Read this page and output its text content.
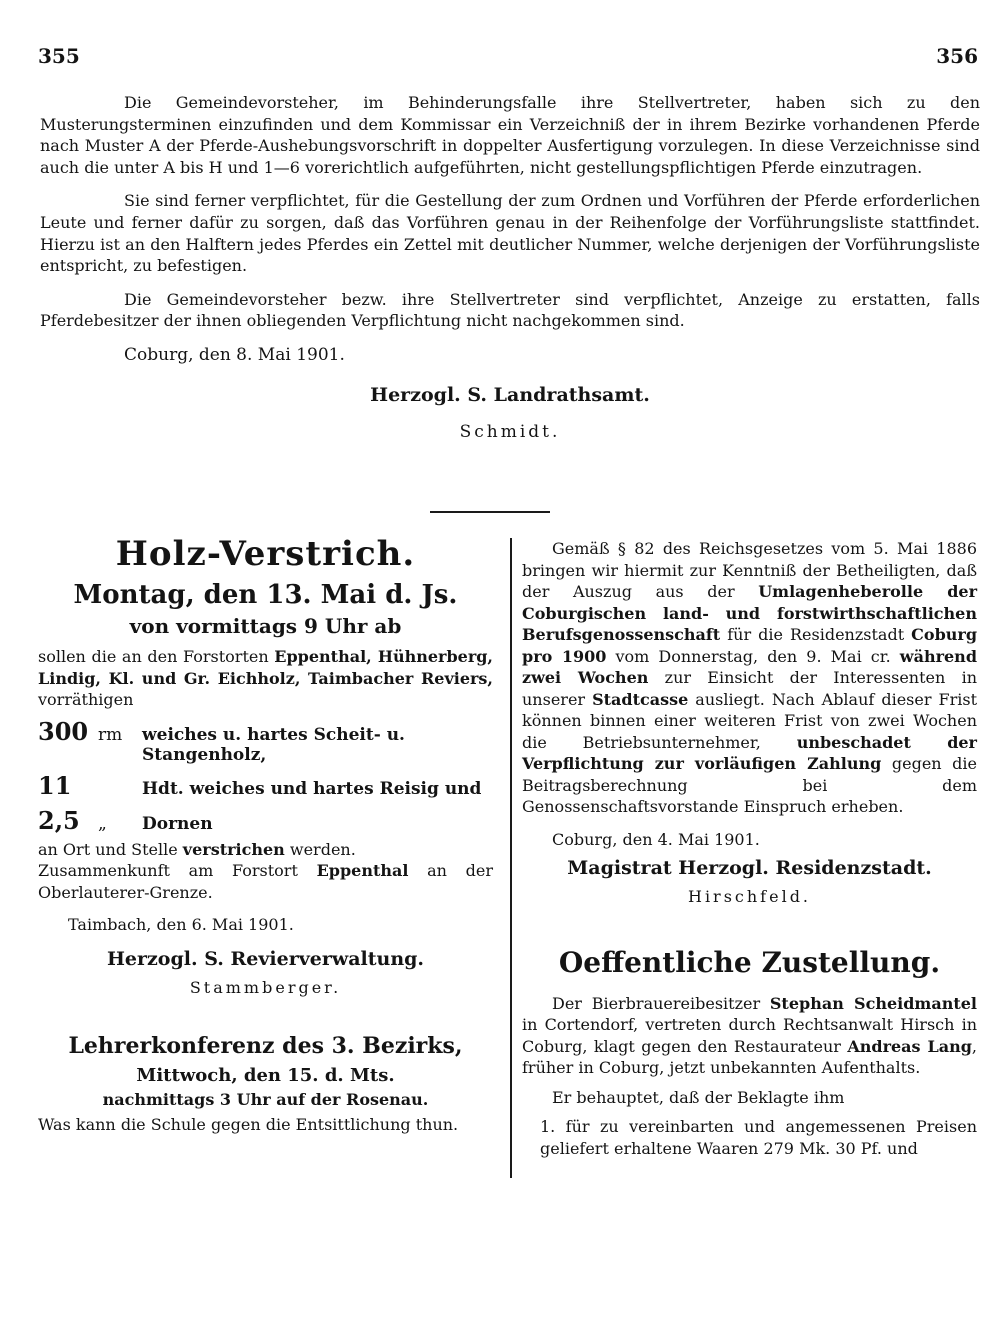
355	356

Die Gemeindevorsteher, im Behinderungsfalle ihre Stellvertreter, haben sich zu den Musterungsterminen einzufinden und dem Kommissar ein Verzeichniß der in ihrem Bezirke vorhandenen Pferde nach Muster A der Pferde-Aushebungsvorschrift in doppelter Ausfertigung vorzulegen. In diese Verzeichnisse sind auch die unter A bis H und 1—6 vorerichtlich aufgeführten, nicht gestellungspflichtigen Pferde einzutragen.

Sie sind ferner verpflichtet, für die Gestellung der zum Ordnen und Vorführen der Pferde erforderlichen Leute und ferner dafür zu sorgen, daß das Vorführen genau in der Reihenfolge der Vorführungsliste stattfindet. Hierzu ist an den Halftern jedes Pferdes ein Zettel mit deutlicher Nummer, welche derjenigen der Vorführungsliste entspricht, zu befestigen.

Die Gemeindevorsteher bezw. ihre Stellvertreter sind verpflichtet, Anzeige zu erstatten, falls Pferdebesitzer der ihnen obliegenden Verpflichtung nicht nachgekommen sind.

Coburg, den 8. Mai 1901.

Herzogl. S. Landrathsamt.

Schmidt.

Holz-Verstrich.
Montag, den 13. Mai d. Js.
von vormittags 9 Uhr ab

sollen die an den Forstorten Eppenthal, Hühnerberg, Lindig, Kl. und Gr. Eichholz, Taimbacher Reviers, vorräthigen

300 rm	weiches u. hartes Scheit- u. Stangenholz,
11	Hdt. weiches und hartes Reisig und
2,5	„	Dornen

an Ort und Stelle verstrichen werden.

Zusammenkunft am Forstort Eppenthal an der Oberlauterer-Grenze.

Taimbach, den 6. Mai 1901.

Herzogl. S. Revierverwaltung.

Stammberger.

Lehrerkonferenz des 3. Bezirks,
Mittwoch, den 15. d. Mts.
nachmittags 3 Uhr auf der Rosenau.

Was kann die Schule gegen die Entsittlichung thun.

Gemäß § 82 des Reichsgesetzes vom 5. Mai 1886 bringen wir hiermit zur Kenntniß der Betheiligten, daß der Auszug aus der Umlagenheberolle der Coburgischen land- und forstwirthschaftlichen Berufsgenossenschaft für die Residenzstadt Coburg pro 1900 vom Donnerstag, den 9. Mai cr. während zwei Wochen zur Einsicht der Interessenten in unserer Stadtcasse ausliegt. Nach Ablauf dieser Frist können binnen einer weiteren Frist von zwei Wochen die Betriebsunternehmer, unbeschadet der Verpflichtung zur vorläufigen Zahlung gegen die Beitragsberechnung bei dem Genossenschaftsvorstande Einspruch erheben.

Coburg, den 4. Mai 1901.

Magistrat Herzogl. Residenzstadt.

Hirschfeld.

Oeffentliche Zustellung.

Der Bierbrauereibesitzer Stephan Scheidmantel in Cortendorf, vertreten durch Rechtsanwalt Hirsch in Coburg, klagt gegen den Restaurateur Andreas Lang, früher in Coburg, jetzt unbekannten Aufenthalts.

Er behauptet, daß der Beklagte ihm

1. für zu vereinbarten und angemessenen Preisen geliefert erhaltene Waaren 279 Mk. 30 Pf. und
